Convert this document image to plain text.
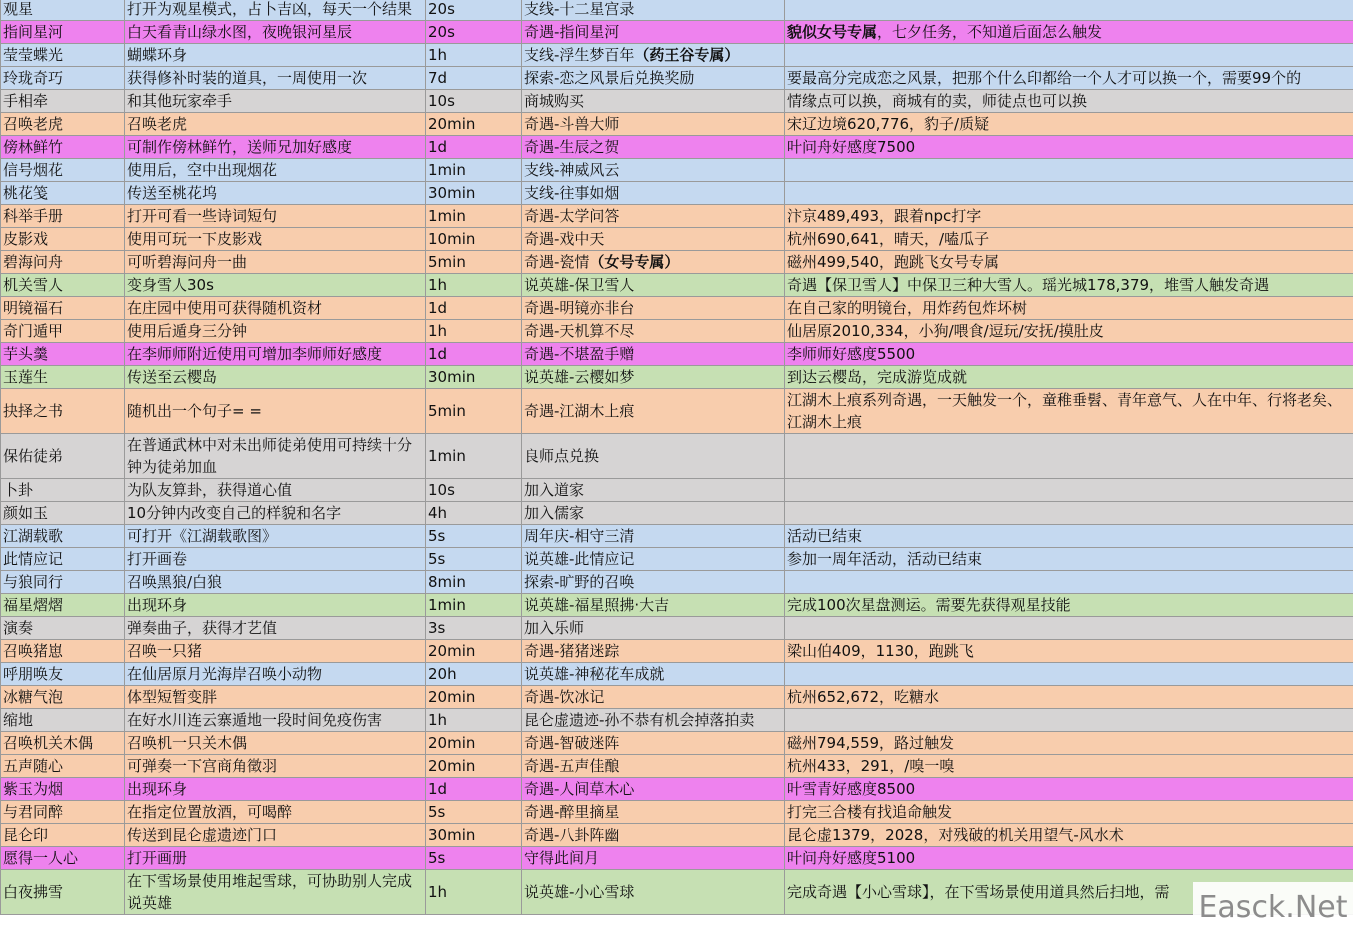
观星	打开为观星模式，占卜吉凶，每天一个结果	20s	支线-十二星宫录	
指间星河	白天看青山绿水图，夜晚银河星辰	20s	奇遇-指间星河	貌似女号专属，七夕任务，不知道后面怎么触发
莹莹蝶光	蝴蝶环身	1h	支线-浮生梦百年（药王谷专属）	
玲珑奇巧	获得修补时装的道具，一周使用一次	7d	探索-恋之风景后兑换奖励	要最高分完成恋之风景，把那个什么印都给一个人才可以换一个，需要99个的
手相牵	和其他玩家牵手	10s	商城购买	情缘点可以换，商城有的卖，师徒点也可以换
召唤老虎	召唤老虎	20min	奇遇-斗兽大师	宋辽边境620,776，豹子/质疑
傍林鲜竹	可制作傍林鲜竹，送师兄加好感度	1d	奇遇-生辰之贺	叶问舟好感度7500
信号烟花	使用后，空中出现烟花	1min	支线-神威风云	
桃花笺	传送至桃花坞	30min	支线-往事如烟	
科举手册	打开可看一些诗词短句	1min	奇遇-太学问答	汴京489,493，跟着npc打字
皮影戏	使用可玩一下皮影戏	10min	奇遇-戏中天	杭州690,641，晴天，/嗑瓜子
碧海问舟	可听碧海问舟一曲	5min	奇遇-瓷情（女号专属）	磁州499,540，跑跳飞女号专属
机关雪人	变身雪人30s	1h	说英雄-保卫雪人	奇遇【保卫雪人】中保卫三种大雪人。瑶光城178,379，堆雪人触发奇遇
明镜福石	在庄园中使用可获得随机资材	1d	奇遇-明镜亦非台	在自己家的明镜台，用炸药包炸坏树
奇门遁甲	使用后遁身三分钟	1h	奇遇-天机算不尽	仙居原2010,334，小狗/喂食/逗玩/安抚/摸肚皮
芋头羹	在李师师附近使用可增加李师师好感度	1d	奇遇-不堪盈手赠	李师师好感度5500
玉莲生	传送至云樱岛	30min	说英雄-云樱如梦	到达云樱岛，完成游览成就
抉择之书	随机出一个句子= =	5min	奇遇-江湖木上痕	江湖木上痕系列奇遇，一天触发一个，童稚垂髫、青年意气、人在中年、行将老矣、江湖木上痕
保佑徒弟	在普通武林中对未出师徒弟使用可持续十分钟为徒弟加血	1min	良师点兑换	
卜卦	为队友算卦，获得道心值	10s	加入道家	
颜如玉	10分钟内改变自己的样貌和名字	4h	加入儒家	
江湖载歌	可打开《江湖载歌图》	5s	周年庆-相守三清	活动已结束
此情应记	打开画卷	5s	说英雄-此情应记	参加一周年活动，活动已结束
与狼同行	召唤黑狼/白狼	8min	探索-旷野的召唤	
福星熠熠	出现环身	1min	说英雄-福星照拂·大吉	完成100次星盘测运。需要先获得观星技能
演奏	弹奏曲子，获得才艺值	3s	加入乐师	
召唤猪崽	召唤一只猪	20min	奇遇-猪猪迷踪	梁山伯409，1130，跑跳飞
呼朋唤友	在仙居原月光海岸召唤小动物	20h	说英雄-神秘花车成就	
冰糖气泡	体型短暂变胖	20min	奇遇-饮冰记	杭州652,672，吃糖水
缩地	在好水川连云寨遁地一段时间免疫伤害	1h	昆仑虚遗迹-孙不恭有机会掉落拍卖	
召唤机关木偶	召唤机一只关木偶	20min	奇遇-智破迷阵	磁州794,559，路过触发
五声随心	可弹奏一下宫商角徵羽	20min	奇遇-五声佳酿	杭州433，291，/嗅一嗅
紫玉为烟	出现环身	1d	奇遇-人间草木心	叶雪青好感度8500
与君同醉	在指定位置放酒，可喝醉	5s	奇遇-醉里摘星	打完三合楼有找追命触发
昆仑印	传送到昆仑虚遗迹门口	30min	奇遇-八卦阵幽	昆仑虚1379，2028，对残破的机关用望气-风水术
愿得一人心	打开画册	5s	守得此间月	叶问舟好感度5100
白夜拂雪	在下雪场景使用堆起雪球，可协助别人完成说英雄	1h	说英雄-小心雪球	完成奇遇【小心雪球】，在下雪场景使用道具然后扫地，需 Easck.Net
